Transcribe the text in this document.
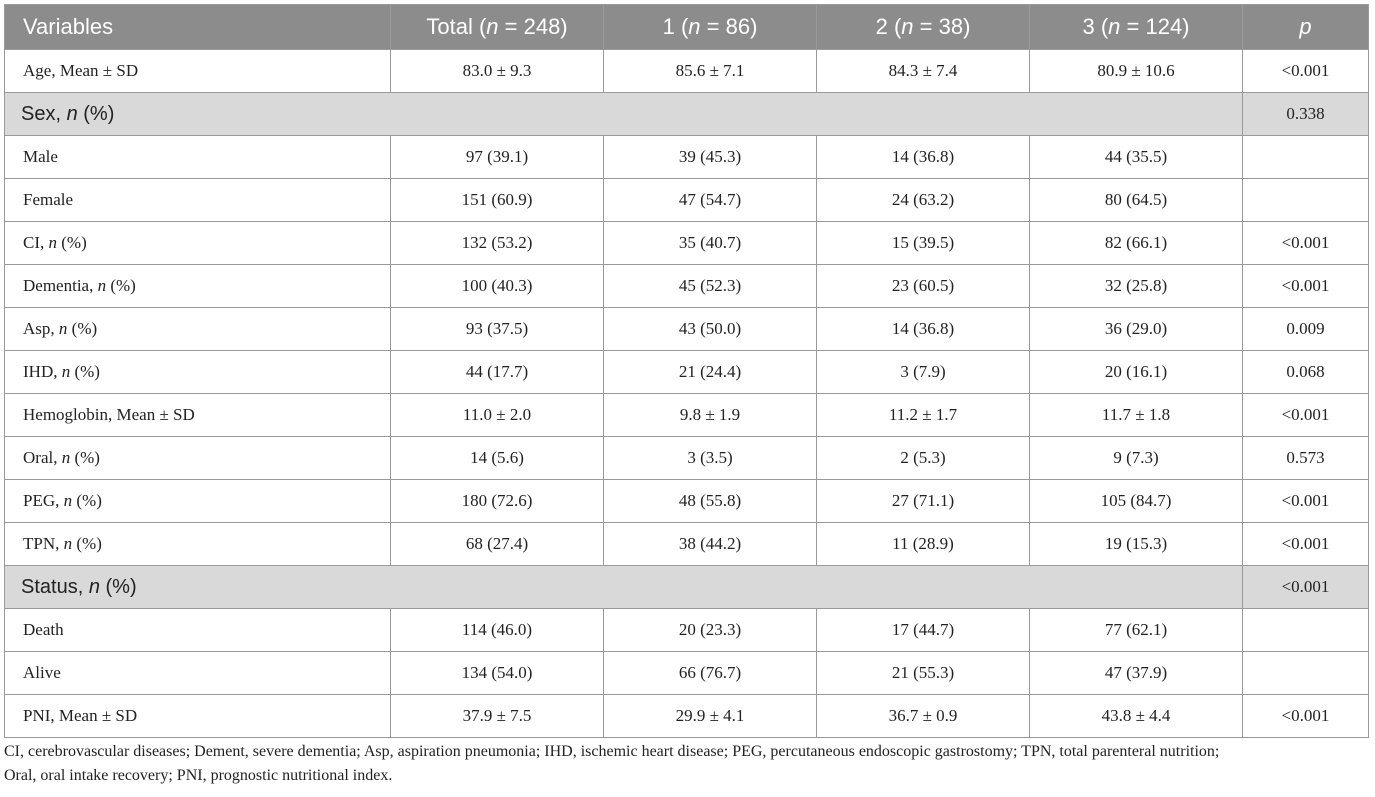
Variables	Total (n = 248)	1 (n = 86)	2 (n = 38)	3 (n = 124)	p
Age, Mean ± SD	83.0 ± 9.3	85.6 ± 7.1	84.3 ± 7.4	80.9 ± 10.6	<0.001
Sex, n (%)					0.338
Male	97 (39.1)	39 (45.3)	14 (36.8)	44 (35.5)	
Female	151 (60.9)	47 (54.7)	24 (63.2)	80 (64.5)	
CI, n (%)	132 (53.2)	35 (40.7)	15 (39.5)	82 (66.1)	<0.001
Dementia, n (%)	100 (40.3)	45 (52.3)	23 (60.5)	32 (25.8)	<0.001
Asp, n (%)	93 (37.5)	43 (50.0)	14 (36.8)	36 (29.0)	0.009
IHD, n (%)	44 (17.7)	21 (24.4)	3 (7.9)	20 (16.1)	0.068
Hemoglobin, Mean ± SD	11.0 ± 2.0	9.8 ± 1.9	11.2 ± 1.7	11.7 ± 1.8	<0.001
Oral, n (%)	14 (5.6)	3 (3.5)	2 (5.3)	9 (7.3)	0.573
PEG, n (%)	180 (72.6)	48 (55.8)	27 (71.1)	105 (84.7)	<0.001
TPN, n (%)	68 (27.4)	38 (44.2)	11 (28.9)	19 (15.3)	<0.001
Status, n (%)					<0.001
Death	114 (46.0)	20 (23.3)	17 (44.7)	77 (62.1)	
Alive	134 (54.0)	66 (76.7)	21 (55.3)	47 (37.9)	
PNI, Mean ± SD	37.9 ± 7.5	29.9 ± 4.1	36.7 ± 0.9	43.8 ± 4.4	<0.001
CI, cerebrovascular diseases; Dement, severe dementia; Asp, aspiration pneumonia; IHD, ischemic heart disease; PEG, percutaneous endoscopic gastrostomy; TPN, total parenteral nutrition;
Oral, oral intake recovery; PNI, prognostic nutritional index.
